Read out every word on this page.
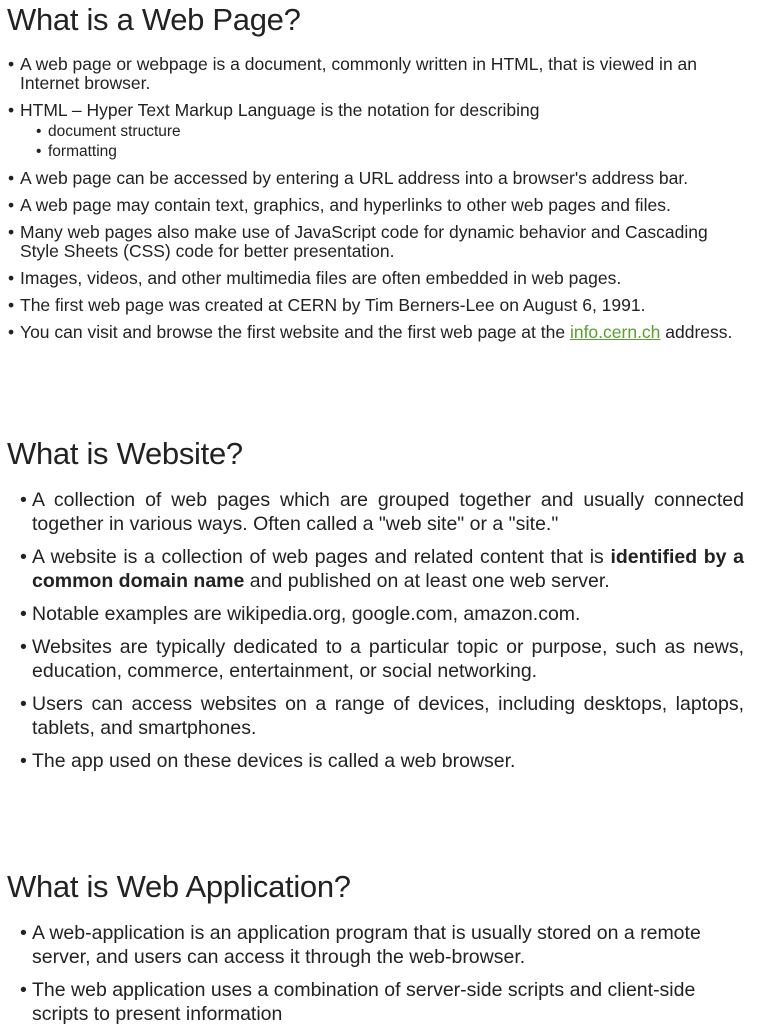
What is a Web Page?
• A web page or webpage is a document, commonly written in HTML, that is viewed in an Internet browser.
• HTML – Hyper Text Markup Language is the notation for describing
• document structure
• formatting
• A web page can be accessed by entering a URL address into a browser's address bar.
• A web page may contain text, graphics, and hyperlinks to other web pages and files.
• Many web pages also make use of JavaScript code for dynamic behavior and Cascading Style Sheets (CSS) code for better presentation.
• Images, videos, and other multimedia files are often embedded in web pages.
• The first web page was created at CERN by Tim Berners-Lee on August 6, 1991.
• You can visit and browse the first website and the first web page at the info.cern.ch address.
What is Website?
• A collection of web pages which are grouped together and usually connected together in various ways. Often called a "web site" or a "site."
• A website is a collection of web pages and related content that is identified by a common domain name and published on at least one web server.
• Notable examples are wikipedia.org, google.com, amazon.com.
• Websites are typically dedicated to a particular topic or purpose, such as news, education, commerce, entertainment, or social networking.
• Users can access websites on a range of devices, including desktops, laptops, tablets, and smartphones.
• The app used on these devices is called a web browser.
What is Web Application?
• A web-application is an application program that is usually stored on a remote server, and users can access it through the web-browser.
• The web application uses a combination of server-side scripts and client-side scripts to present information
